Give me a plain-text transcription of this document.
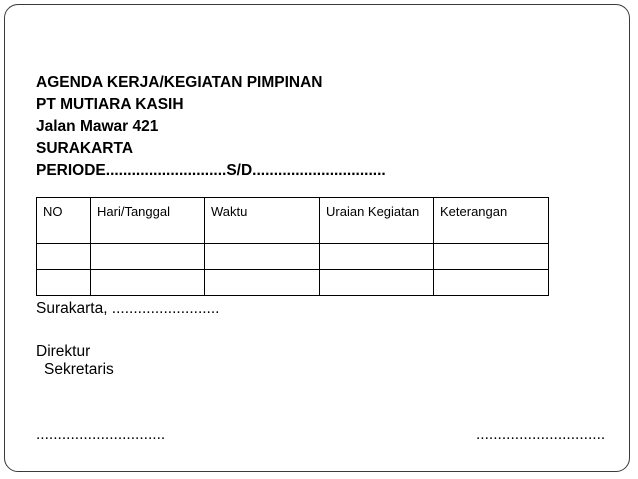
AGENDA KERJA/KEGIATAN PIMPINAN
PT MUTIARA KASIH
Jalan Mawar 421
SURAKARTA
PERIODE............................S/D...............................
NO	Hari/Tanggal	Waktu	Uraian Kegiatan	Keterangan

Surakarta, .........................
Direktur
Sekretaris
..............................	..............................
